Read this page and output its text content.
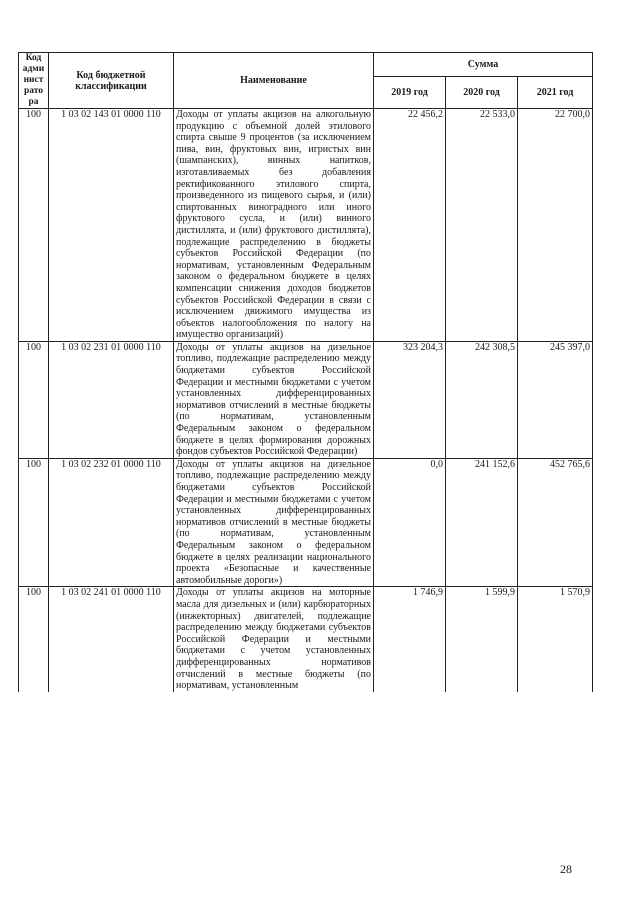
Код адми нист рато ра	Код бюджетной классификации	Наименование	Сумма		
			2019 год	2020 год	2021 год
100	1 03 02 143 01 0000 110	Доходы от уплаты акцизов на алкогольную продукцию с объемной долей этилового спирта свыше 9 процентов (за исключением пива, вин, фруктовых вин, игристых вин (шампанских), винных напитков, изготавливаемых без добавления ректификованного этилового спирта, произведенного из пищевого сырья, и (или) спиртованных виноградного или иного фруктового сусла, и (или) винного дистиллята, и (или) фруктового дистиллята), подлежащие распределению в бюджеты субъектов Российской Федерации (по нормативам, установленным Федеральным законом о федеральном бюджете в целях компенсации снижения доходов бюджетов субъектов Российской Федерации в связи с исключением движимого имущества из объектов налогообложения по налогу на имущество организаций)	22 456,2	22 533,0	22 700,0
100	1 03 02 231 01 0000 110	Доходы от уплаты акцизов на дизельное топливо, подлежащие распределению между бюджетами субъектов Российской Федерации и местными бюджетами с учетом установленных дифференцированных нормативов отчислений в местные бюджеты (по нормативам, установленным Федеральным законом о федеральном бюджете в целях формирования дорожных фондов субъектов Российской Федерации)	323 204,3	242 308,5	245 397,0
100	1 03 02 232 01 0000 110	Доходы от уплаты акцизов на дизельное топливо, подлежащие распределению между бюджетами субъектов Российской Федерации и местными бюджетами с учетом установленных дифференцированных нормативов отчислений в местные бюджеты (по нормативам, установленным Федеральным законом о федеральном бюджете в целях реализации национального проекта «Безопасные и качественные автомобильные дороги»)	0,0	241 152,6	452 765,6
100	1 03 02 241 01 0000 110	Доходы от уплаты акцизов на моторные масла для дизельных и (или) карбюраторных (инжекторных) двигателей, подлежащие распределению между бюджетами субъектов Российской Федерации и местными бюджетами с учетом установленных дифференцированных нормативов отчислений в местные бюджеты (по нормативам, установленным	1 746,9	1 599,9	1 570,9
28
